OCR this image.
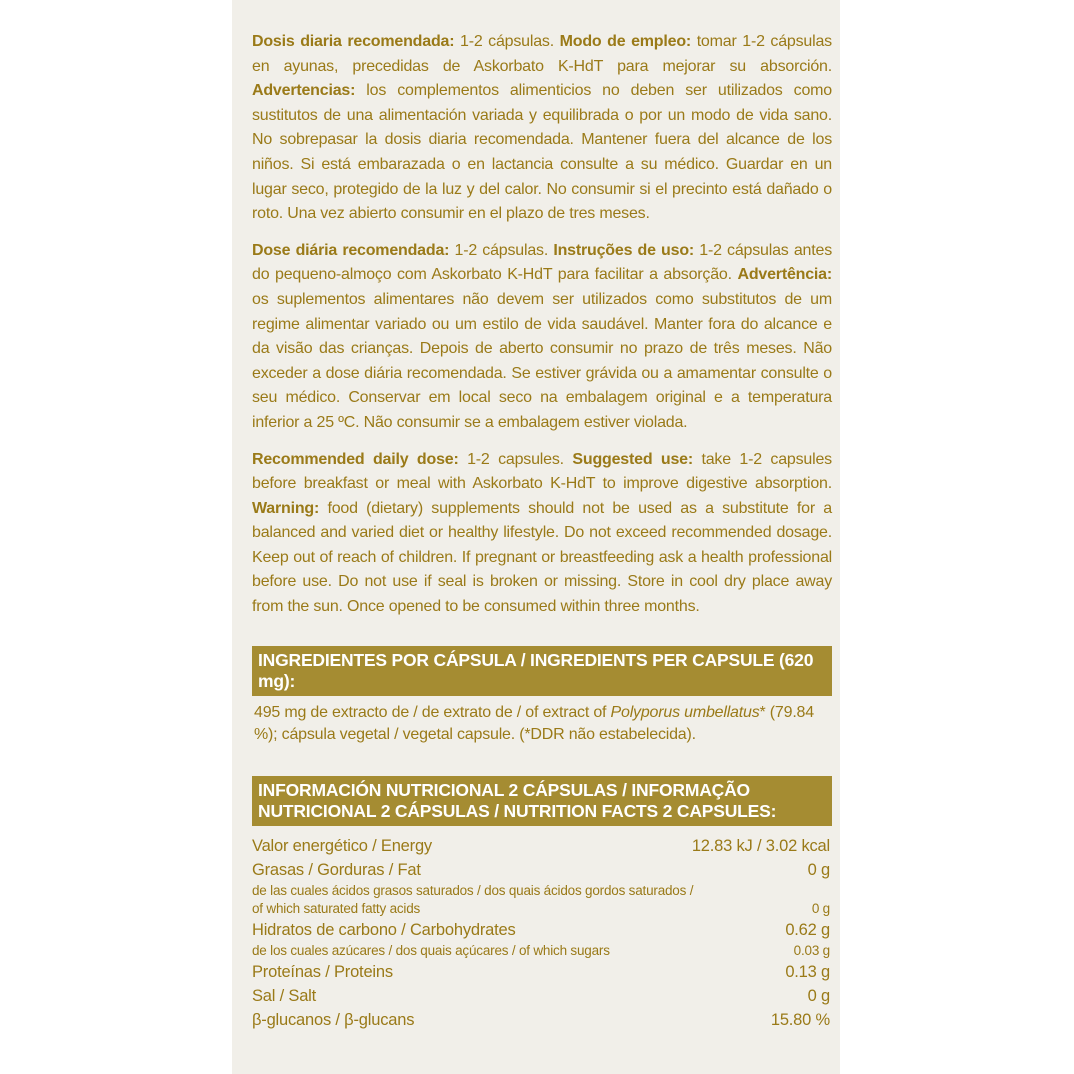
Dosis diaria recomendada: 1-2 cápsulas. Modo de empleo: tomar 1-2 cápsulas en ayunas, precedidas de Askorbato K-HdT para mejorar su absorción. Advertencias: los complementos alimenticios no deben ser utilizados como sustitutos de una alimentación variada y equilibrada o por un modo de vida sano. No sobrepasar la dosis diaria recomendada. Mantener fuera del alcance de los niños. Si está embarazada o en lactancia consulte a su médico. Guardar en un lugar seco, protegido de la luz y del calor. No consumir si el precinto está dañado o roto. Una vez abierto consumir en el plazo de tres meses.

Dose diária recomendada: 1-2 cápsulas. Instruções de uso: 1-2 cápsulas antes do pequeno-almoço com Askorbato K-HdT para facilitar a absorção. Advertência: os suplementos alimentares não devem ser utilizados como substitutos de um regime alimentar variado ou um estilo de vida saudável. Manter fora do alcance e da visão das crianças. Depois de aberto consumir no prazo de três meses. Não exceder a dose diária recomendada. Se estiver grávida ou a amamentar consulte o seu médico. Conservar em local seco na embalagem original e a temperatura inferior a 25 ºC. Não consumir se a embalagem estiver violada.

Recommended daily dose: 1-2 capsules. Suggested use: take 1-2 capsules before breakfast or meal with Askorbato K-HdT to improve digestive absorption. Warning: food (dietary) supplements should not be used as a substitute for a balanced and varied diet or healthy lifestyle. Do not exceed recommended dosage. Keep out of reach of children. If pregnant or breastfeeding ask a health professional before use. Do not use if seal is broken or missing. Store in cool dry place away from the sun. Once opened to be consumed within three months.

INGREDIENTES POR CÁPSULA / INGREDIENTS PER CAPSULE (620 mg):
495 mg de extracto de / de extrato de / of extract of Polyporus umbellatus* (79.84 %); cápsula vegetal / vegetal capsule. (*DDR não estabelecida).
INFORMACIÓN NUTRICIONAL 2 CÁPSULAS / INFORMAÇÃO NUTRICIONAL 2 CÁPSULAS / NUTRITION FACTS 2 CAPSULES:
Valor energético / Energy	12.83 kJ / 3.02 kcal
Grasas / Gorduras / Fat	0 g
de las cuales ácidos grasos saturados / dos quais ácidos gordos saturados /
of which saturated fatty acids	0 g
Hidratos de carbono / Carbohydrates	0.62 g
de los cuales azúcares / dos quais açúcares / of which sugars	0.03 g
Proteínas / Proteins	0.13 g
Sal / Salt	0 g
β-glucanos / β-glucans	15.80 %
